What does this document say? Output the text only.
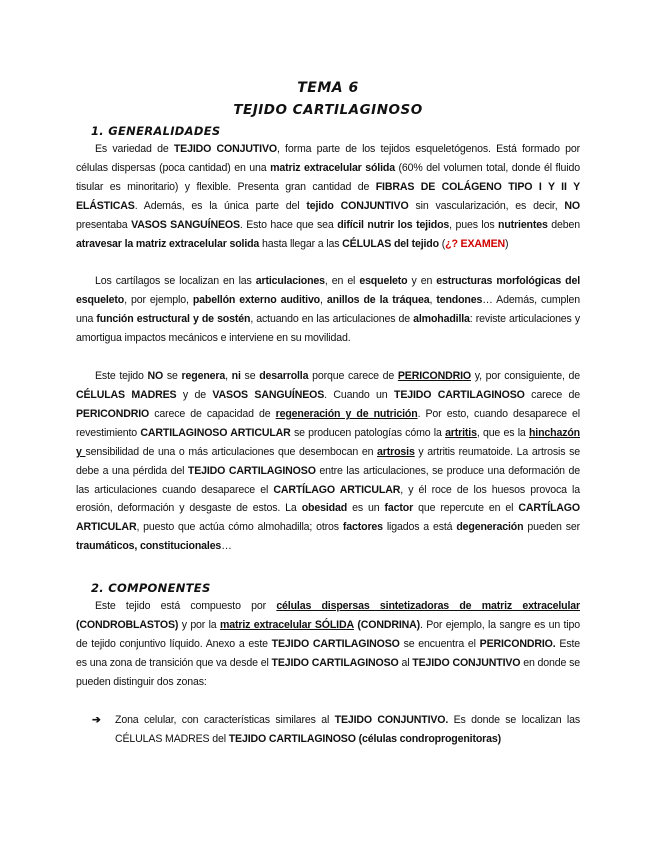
TEMA 6

TEJIDO CARTILAGINOSO

1. GENERALIDADES

Es variedad de TEJIDO CONJUTIVO, forma parte de los tejidos esqueletógenos. Está formado por células dispersas (poca cantidad) en una matriz extracelular sólida (60% del volumen total, donde él fluido tisular es minoritario) y flexible. Presenta gran cantidad de FIBRAS DE COLÁGENO TIPO I Y II Y ELÁSTICAS. Además, es la única parte del tejido CONJUNTIVO sin vascularización, es decir, NO presentaba VASOS SANGUÍNEOS. Esto hace que sea difícil nutrir los tejidos, pues los nutrientes deben atravesar la matriz extracelular solida hasta llegar a las CÉLULAS del tejido (¿? EXAMEN)

Los cartílagos se localizan en las articulaciones, en el esqueleto y en estructuras morfológicas del esqueleto, por ejemplo, pabellón externo auditivo, anillos de la tráquea, tendones… Además, cumplen una función estructural y de sostén, actuando en las articulaciones de almohadilla: reviste articulaciones y amortigua impactos mecánicos e interviene en su movilidad.

Este tejido NO se regenera, ni se desarrolla porque carece de PERICONDRIO y, por consiguiente, de CÉLULAS MADRES y de VASOS SANGUÍNEOS. Cuando un TEJIDO CARTILAGINOSO carece de PERICONDRIO carece de capacidad de regeneración y de nutrición. Por esto, cuando desaparece el revestimiento CARTILAGINOSO ARTICULAR se producen patologías cómo la artritis, que es la hinchazón y sensibilidad de una o más articulaciones que desembocan en artrosis y artritis reumatoide. La artrosis se debe a una pérdida del TEJIDO CARTILAGINOSO entre las articulaciones, se produce una deformación de las articulaciones cuando desaparece el CARTÍLAGO ARTICULAR, y él roce de los huesos provoca la erosión, deformación y desgaste de estos. La obesidad es un factor que repercute en el CARTÍLAGO ARTICULAR, puesto que actúa cómo almohadilla; otros factores ligados a está degeneración pueden ser traumáticos, constitucionales…

2. COMPONENTES

Este tejido está compuesto por células dispersas sintetizadoras de matriz extracelular (CONDROBLASTOS) y por la matriz extracelular SÓLIDA (CONDRINA). Por ejemplo, la sangre es un tipo de tejido conjuntivo líquido. Anexo a este TEJIDO CARTILAGINOSO se encuentra el PERICONDRIO. Este es una zona de transición que va desde el TEJIDO CARTILAGINOSO al TEJIDO CONJUNTIVO en donde se pueden distinguir dos zonas:

➔ Zona celular, con características similares al TEJIDO CONJUNTIVO. Es donde se localizan las CÉLULAS MADRES del TEJIDO CARTILAGINOSO (células condroprogenitoras)
